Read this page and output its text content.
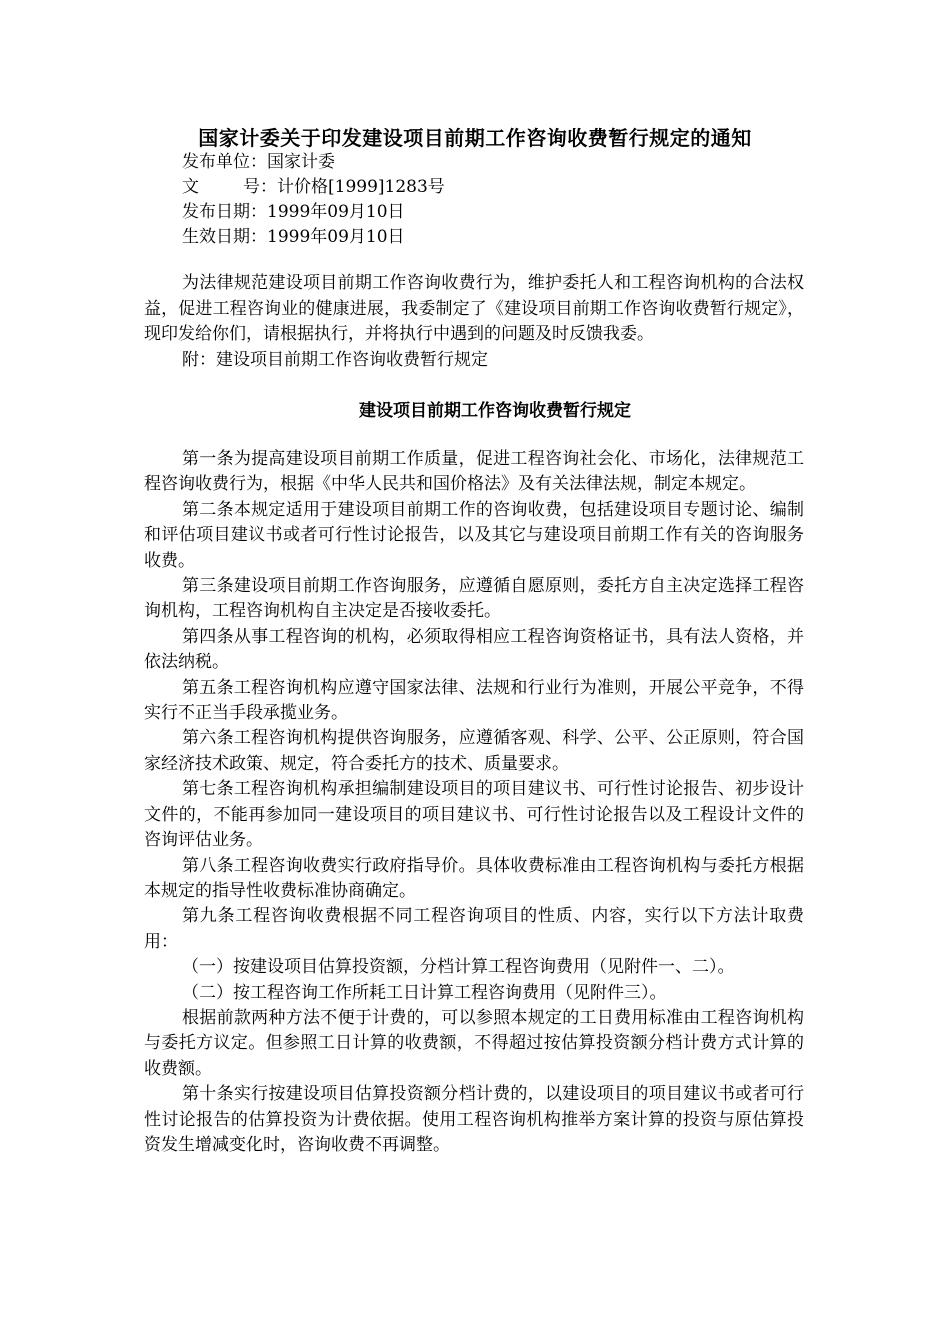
国家计委关于印发建设项目前期工作咨询收费暂行规定的通知
发布单位：国家计委
文	号：计价格[1999]1283号
发布日期：1999年09月10日
生效日期：1999年09月10日

为法律规范建设项目前期工作咨询收费行为，维护委托人和工程咨询机构的合法权益，促进工程咨询业的健康进展，我委制定了《建设项目前期工作咨询收费暂行规定》，现印发给你们，请根据执行，并将执行中遇到的问题及时反馈我委。

附：建设项目前期工作咨询收费暂行规定

建设项目前期工作咨询收费暂行规定

第一条为提高建设项目前期工作质量，促进工程咨询社会化、市场化，法律规范工程咨询收费行为，根据《中华人民共和国价格法》及有关法律法规，制定本规定。

第二条本规定适用于建设项目前期工作的咨询收费，包括建设项目专题讨论、编制和评估项目建议书或者可行性讨论报告，以及其它与建设项目前期工作有关的咨询服务收费。

第三条建设项目前期工作咨询服务，应遵循自愿原则，委托方自主决定选择工程咨询机构，工程咨询机构自主决定是否接收委托。

第四条从事工程咨询的机构，必须取得相应工程咨询资格证书，具有法人资格，并依法纳税。

第五条工程咨询机构应遵守国家法律、法规和行业行为准则，开展公平竞争，不得实行不正当手段承揽业务。

第六条工程咨询机构提供咨询服务，应遵循客观、科学、公平、公正原则，符合国家经济技术政策、规定，符合委托方的技术、质量要求。

第七条工程咨询机构承担编制建设项目的项目建议书、可行性讨论报告、初步设计文件的，不能再参加同一建设项目的项目建议书、可行性讨论报告以及工程设计文件的咨询评估业务。

第八条工程咨询收费实行政府指导价。具体收费标准由工程咨询机构与委托方根据本规定的指导性收费标准协商确定。

第九条工程咨询收费根据不同工程咨询项目的性质、内容，实行以下方法计取费用：

（一）按建设项目估算投资额，分档计算工程咨询费用（见附件一、二）。

（二）按工程咨询工作所耗工日计算工程咨询费用（见附件三）。

根据前款两种方法不便于计费的，可以参照本规定的工日费用标准由工程咨询机构与委托方议定。但参照工日计算的收费额，不得超过按估算投资额分档计费方式计算的收费额。

第十条实行按建设项目估算投资额分档计费的，以建设项目的项目建议书或者可行性讨论报告的估算投资为计费依据。使用工程咨询机构推举方案计算的投资与原估算投资发生增减变化时，咨询收费不再调整。
